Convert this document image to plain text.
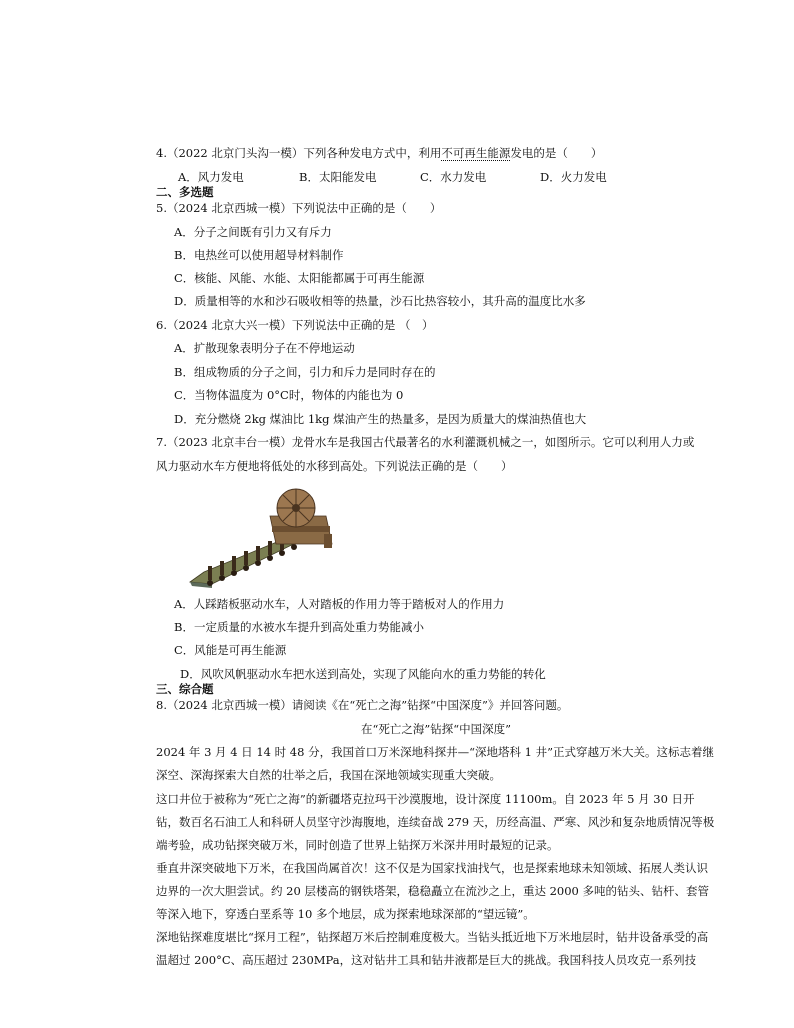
4.（2022 北京门头沟一模）下列各种发电方式中，利用不可再生能源发电的是（　　）
A．风力发电	B．太阳能发电	C．水力发电	D．火力发电
二、多选题
5.（2024 北京西城一模）下列说法中正确的是（　　）
A．分子之间既有引力又有斥力
B．电热丝可以使用超导材料制作
C．核能、风能、水能、太阳能都属于可再生能源
D．质量相等的水和沙石吸收相等的热量，沙石比热容较小，其升高的温度比水多
6.（2024 北京大兴一模）下列说法中正确的是 （　）
A．扩散现象表明分子在不停地运动
B．组成物质的分子之间，引力和斥力是同时存在的
C．当物体温度为 0°C时，物体的内能也为 0
D．充分燃烧 2kg 煤油比 1kg 煤油产生的热量多，是因为质量大的煤油热值也大
7.（2023 北京丰台一模）龙骨水车是我国古代最著名的水利灌溉机械之一，如图所示。它可以利用人力或
风力驱动水车方便地将低处的水移到高处。下列说法正确的是（　　）
A．人踩踏板驱动水车，人对踏板的作用力等于踏板对人的作用力
B．一定质量的水被水车提升到高处重力势能减小
C．风能是可再生能源
D．风吹风帆驱动水车把水送到高处，实现了风能向水的重力势能的转化
三、综合题
8.（2024 北京西城一模）请阅读《在“死亡之海”钻探“中国深度”》并回答问题。
在“死亡之海”钻探“中国深度”
2024 年 3 月 4 日 14 时 48 分，我国首口万米深地科探井—“深地塔科 1 井”正式穿越万米大关。这标志着继深空、深海探索大自然的壮举之后，我国在深地领域实现重大突破。
这口井位于被称为“死亡之海”的新疆塔克拉玛干沙漠腹地，设计深度 11100m。自 2023 年 5 月 30 日开钻，数百名石油工人和科研人员坚守沙海腹地，连续奋战 279 天，历经高温、严寒、风沙和复杂地质情况等极端考验，成功钻探突破万米，同时创造了世界上钻探万米深井用时最短的记录。
垂直井深突破地下万米，在我国尚属首次！这不仅是为国家找油找气，也是探索地球未知领域、拓展人类认识边界的一次大胆尝试。约 20 层楼高的钢铁塔架，稳稳矗立在流沙之上，重达 2000 多吨的钻头、钻杆、套管等深入地下，穿透白垩系等 10 多个地层，成为探索地球深部的“望远镜”。
深地钻探难度堪比“探月工程”，钻探超万米后控制难度极大。当钻头抵近地下万米地层时，钻井设备承受的高温超过 200°C、高压超过 230MPa，这对钻井工具和钻井液都是巨大的挑战。我国科技人员攻克一系列技
